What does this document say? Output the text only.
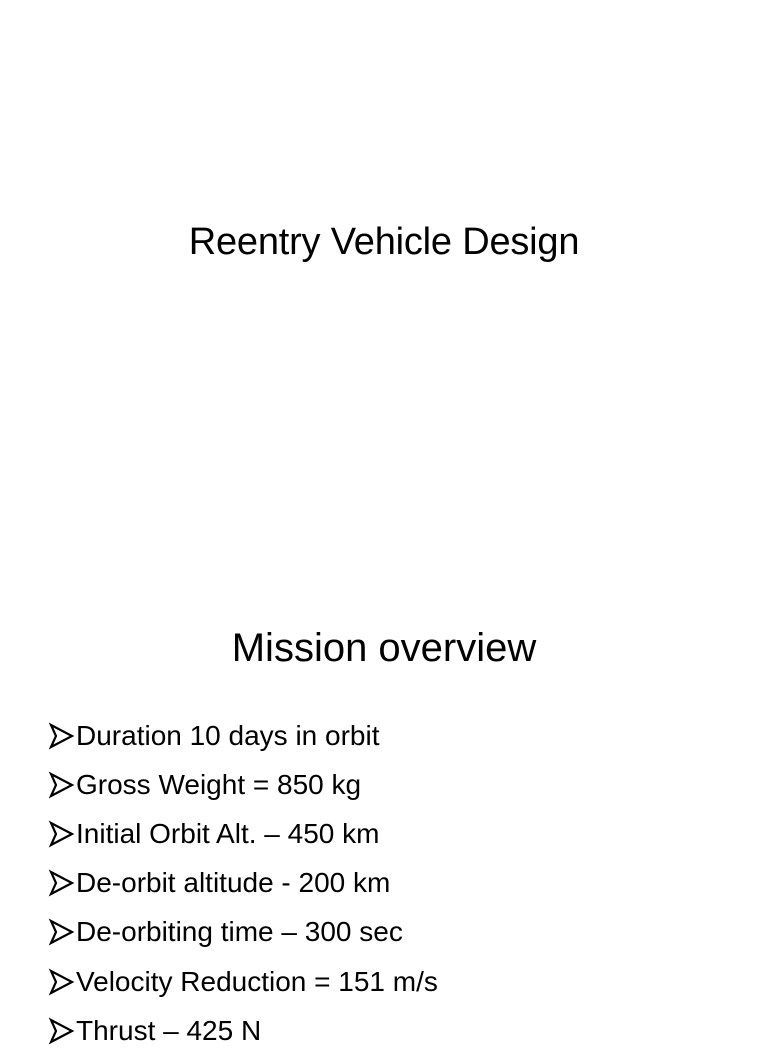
Reentry Vehicle Design
Mission overview
Duration 10 days in orbit
Gross Weight = 850 kg
Initial Orbit Alt. – 450 km
De-orbit altitude - 200 km
De-orbiting time – 300 sec
Velocity Reduction = 151 m/s
Thrust – 425 N
